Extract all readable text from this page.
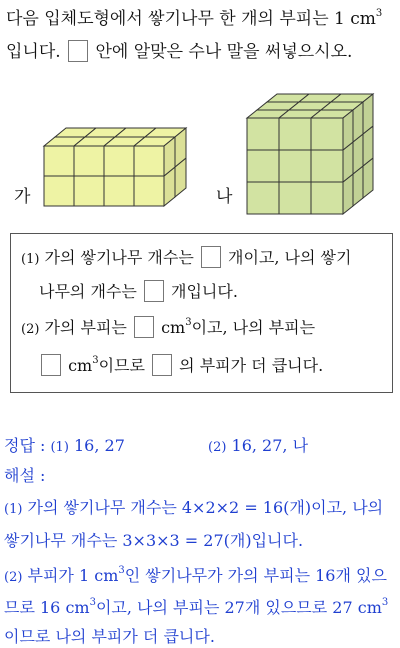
다음 입체도형에서 쌓기나무 한 개의 부피는 1 $cm^3$
입니다. 안에 알맞은 수나 말을 써넣으시오.
가	나
(1) 가의 쌓기나무 개수는 개이고, 나의 쌓기
나무의 개수는 개입니다.
(2) 가의 부피는 $cm^3$이고, 나의 부피는
$cm^3$이므로 의 부피가 더 큽니다.
정답 : (1) 16, 27	(2) 16, 27, 나
해설 :
(1) 가의 쌓기나무 개수는 4×2×2 = 16(개)이고, 나의
쌓기나무 개수는 3×3×3 = 27(개)입니다.
(2) 부피가 1 $cm^3$인 쌓기나무가 가의 부피는 16개 있으
므로 16 $cm^3$이고, 나의 부피는 27개 있으므로 27 $cm^3$
이므로 나의 부피가 더 큽니다.
